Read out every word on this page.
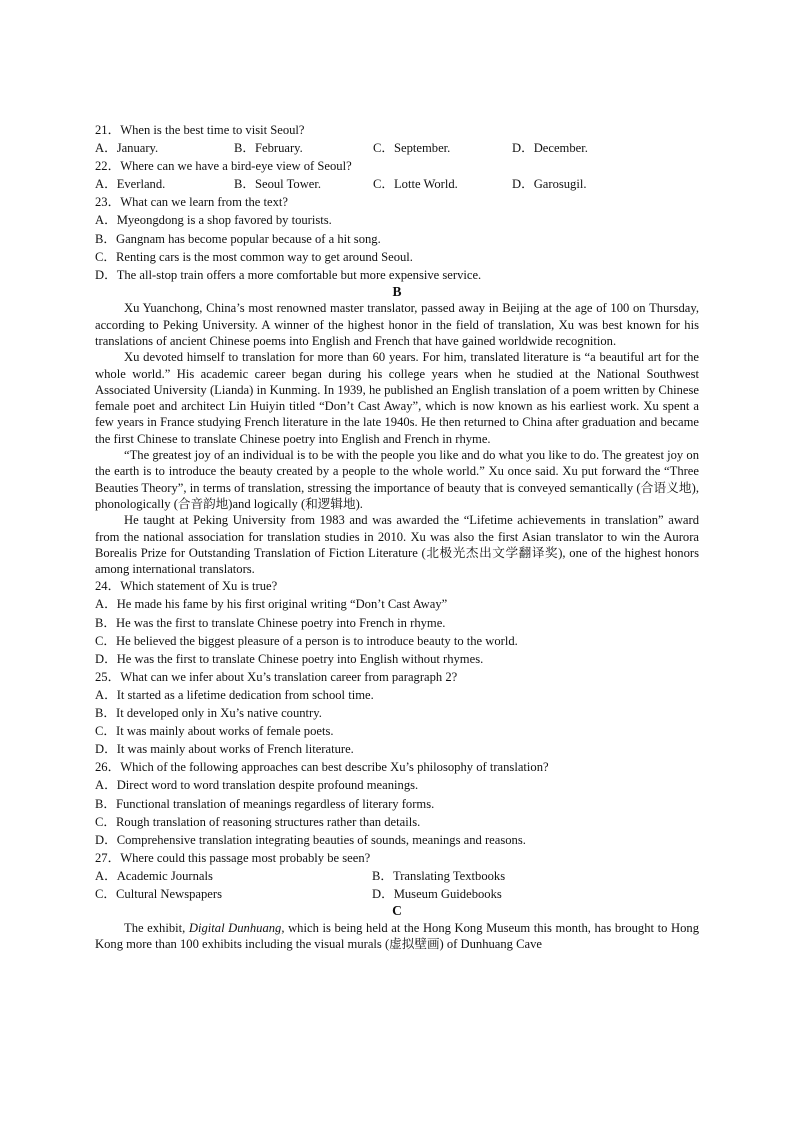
21．When is the best time to visit Seoul?
A．January.	B．February.	C．September.	D．December.
22．Where can we have a bird-eye view of Seoul?
A．Everland.	B．Seoul Tower.	C．Lotte World.	D．Garosugil.
23．What can we learn from the text?
A．Myeongdong is a shop favored by tourists.
B．Gangnam has become popular because of a hit song.
C．Renting cars is the most common way to get around Seoul.
D．The all-stop train offers a more comfortable but more expensive service.
B

Xu Yuanchong, China’s most renowned master translator, passed away in Beijing at the age of 100 on Thursday, according to Peking University. A winner of the highest honor in the field of translation, Xu was best known for his translations of ancient Chinese poems into English and French that have gained worldwide recognition.

Xu devoted himself to translation for more than 60 years. For him, translated literature is “a beautiful art for the whole world.” His academic career began during his college years when he studied at the National Southwest Associated University (Lianda) in Kunming. In 1939, he published an English translation of a poem written by Chinese female poet and architect Lin Huiyin titled “Don’t Cast Away”, which is now known as his earliest work. Xu spent a few years in France studying French literature in the late 1940s. He then returned to China after graduation and became the first Chinese to translate Chinese poetry into English and French in rhyme.

“The greatest joy of an individual is to be with the people you like and do what you like to do. The greatest joy on the earth is to introduce the beauty created by a people to the whole world.” Xu once said. Xu put forward the “Three Beauties Theory”, in terms of translation, stressing the importance of beauty that is conveyed semantically (合语义地), phonologically (合音韵地)and logically (和逻辑地).

He taught at Peking University from 1983 and was awarded the “Lifetime achievements in translation” award from the national association for translation studies in 2010. Xu was also the first Asian translator to win the Aurora Borealis Prize for Outstanding Translation of Fiction Literature (北极光杰出文学翻译奖), one of the highest honors among international translators.

24．Which statement of Xu is true?
A．He made his fame by his first original writing “Don’t Cast Away”
B．He was the first to translate Chinese poetry into French in rhyme.
C．He believed the biggest pleasure of a person is to introduce beauty to the world.
D．He was the first to translate Chinese poetry into English without rhymes.
25．What can we infer about Xu’s translation career from paragraph 2?
A．It started as a lifetime dedication from school time.
B．It developed only in Xu’s native country.
C．It was mainly about works of female poets.
D．It was mainly about works of French literature.
26．Which of the following approaches can best describe Xu’s philosophy of translation?
A．Direct word to word translation despite profound meanings.
B．Functional translation of meanings regardless of literary forms.
C．Rough translation of reasoning structures rather than details.
D．Comprehensive translation integrating beauties of sounds, meanings and reasons.
27．Where could this passage most probably be seen?
A．Academic Journals	B．Translating Textbooks
C．Cultural Newspapers	D．Museum Guidebooks
C

The exhibit, Digital Dunhuang, which is being held at the Hong Kong Museum this month, has brought to Hong Kong more than 100 exhibits including the visual murals (虚拟壁画) of Dunhuang Cave
